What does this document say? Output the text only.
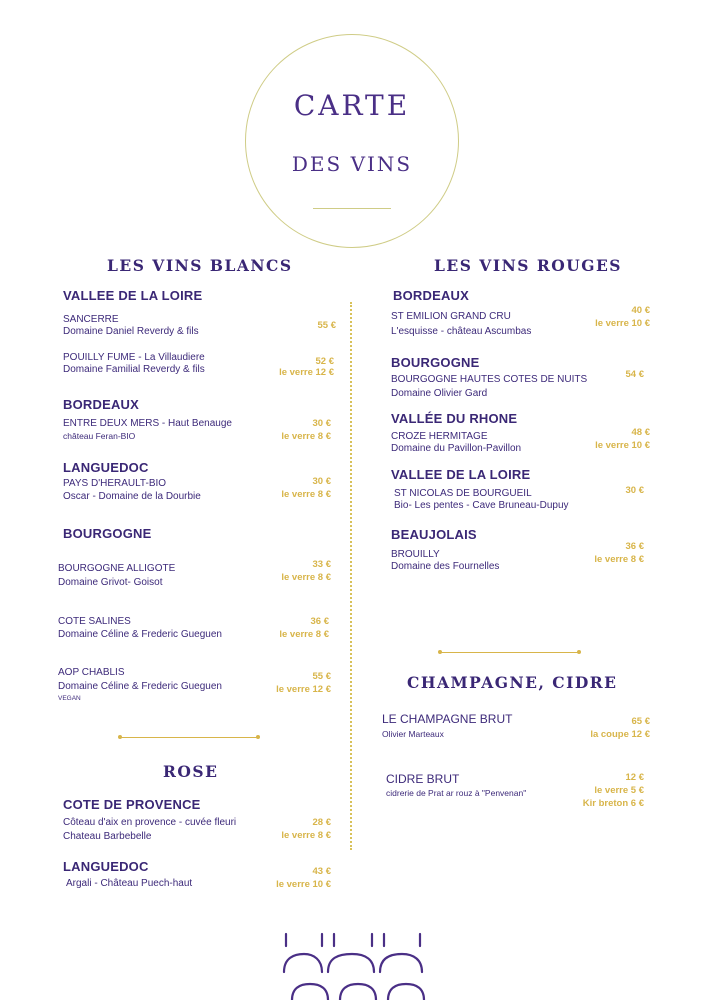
CARTE
DES VINS
LES VINS BLANCS	LES VINS ROUGES
VALLEE DE LA LOIRE
SANCERRE
Domaine Daniel Reverdy & fils
55 €
POUILLY FUME - La Villaudiere
Domaine Familial Reverdy & fils
52 €
le verre 12 €
BORDEAUX
ENTRE DEUX MERS - Haut Benauge
château Feran-BIO
30 €
le verre 8 €
LANGUEDOC
PAYS D'HERAULT-BIO
Oscar - Domaine de la Dourbie
30 €
le verre 8 €
BOURGOGNE
BOURGOGNE ALLIGOTE
Domaine Grivot- Goisot
33 €
le verre 8 €
COTE SALINES
Domaine Céline & Frederic Gueguen
36 €
le verre 8 €
AOP CHABLIS
Domaine Céline & Frederic Gueguen
VEGAN
55 €
le verre 12 €
ROSE
COTE DE PROVENCE
Côteau d'aix en provence - cuvée fleuri
Chateau Barbebelle
28 €
le verre 8 €
LANGUEDOC
Argali - Château Puech-haut
43 €
le verre 10 €
BORDEAUX
ST EMILION GRAND CRU
L'esquisse - château Ascumbas
40 €
le verre 10 €
BOURGOGNE
BOURGOGNE HAUTES COTES DE NUITS
Domaine Olivier Gard
54 €
VALLÉE DU RHONE
CROZE HERMITAGE
Domaine du Pavillon-Pavillon
48 €
le verre 10 €
VALLEE DE LA LOIRE
ST NICOLAS DE BOURGUEIL
Bio- Les pentes - Cave Bruneau-Dupuy
30 €
BEAUJOLAIS
BROUILLY
Domaine des Fournelles
36 €
le verre 8 €
CHAMPAGNE, CIDRE
LE CHAMPAGNE BRUT
Olivier Marteaux
65 €
la coupe 12 €
CIDRE BRUT
cidrerie de Prat ar rouz à "Penvenan"
12 €
le verre 5 €
Kir breton 6 €
